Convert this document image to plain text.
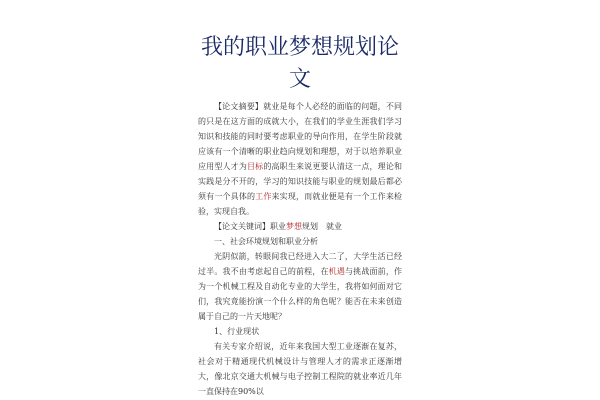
我的职业梦想规划论
文

【论文摘要】就业是每个人必经的面临的问题，不同的只是在这方面的成就大小，在我们的学业生涯我们学习知识和技能的同时要考虑职业的导向作用，在学生阶段就应该有一个清晰的职业趋向规划和理想，对于以培养职业应用型人才为目标的高职生来说更要认清这一点，理论和实践是分不开的，学习的知识技能与职业的规划最后都必须有一个具体的工作来实现，而就业便是有一个工作来检验，实现自我。

【论文关键词】职业梦想规划　就业

一、社会环境规划和职业分析

光阴似箭，转眼间我已经进入大二了，大学生活已经过半。我不由考虑起自己的前程，在机遇与挑战面前，作为一个机械工程及自动化专业的大学生，我将如何面对它们，我究竟能扮演一个什么样的角色呢？能否在未来创造属于自己的一片天地呢？

1、行业现状

有关专家介绍说，近年来我国大型工业逐渐在复苏，社会对于精通现代机械设计与管理人才的需求正逐渐增大，像北京交通大机械与电子控制工程院的就业率近几年一直保持在90%以
